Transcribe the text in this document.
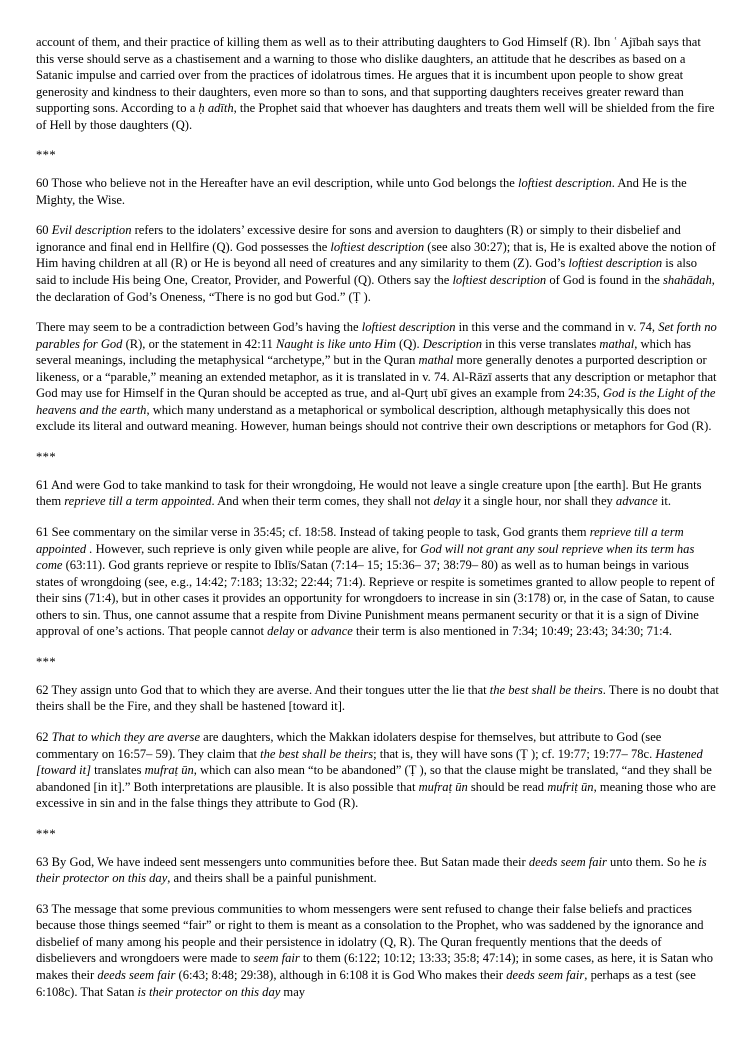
account of them, and their practice of killing them as well as to their attributing daughters to God Himself (R). Ibn ʿ Ajībah says that this verse should serve as a chastisement and a warning to those who dislike daughters, an attitude that he describes as based on a Satanic impulse and carried over from the practices of idolatrous times. He argues that it is incumbent upon people to show great generosity and kindness to their daughters, even more so than to sons, and that supporting daughters receives greater reward than supporting sons. According to a ḥ adīth, the Prophet said that whoever has daughters and treats them well will be shielded from the fire of Hell by those daughters (Q).

***

60 Those who believe not in the Hereafter have an evil description, while unto God belongs the loftiest description. And He is the Mighty, the Wise.

60 Evil description refers to the idolaters’ excessive desire for sons and aversion to daughters (R) or simply to their disbelief and ignorance and final end in Hellfire (Q). God possesses the loftiest description (see also 30:27); that is, He is exalted above the notion of Him having children at all (R) or He is beyond all need of creatures and any similarity to them (Z). God’s loftiest description is also said to include His being One, Creator, Provider, and Powerful (Q). Others say the loftiest description of God is found in the shahādah, the declaration of God’s Oneness, “There is no god but God.” (Ṭ ).

There may seem to be a contradiction between God’s having the loftiest description in this verse and the command in v. 74, Set forth no parables for God (R), or the statement in 42:11 Naught is like unto Him (Q). Description in this verse translates mathal, which has several meanings, including the metaphysical “archetype,” but in the Quran mathal more generally denotes a purported description or likeness, or a “parable,” meaning an extended metaphor, as it is translated in v. 74. Al-Rāzī asserts that any description or metaphor that God may use for Himself in the Quran should be accepted as true, and al-Qurṭ ubī gives an example from 24:35, God is the Light of the heavens and the earth, which many understand as a metaphorical or symbolical description, although metaphysically this does not exclude its literal and outward meaning. However, human beings should not contrive their own descriptions or metaphors for God (R).

***

61 And were God to take mankind to task for their wrongdoing, He would not leave a single creature upon [the earth]. But He grants them reprieve till a term appointed. And when their term comes, they shall not delay it a single hour, nor shall they advance it.

61 See commentary on the similar verse in 35:45; cf. 18:58. Instead of taking people to task, God grants them reprieve till a term appointed . However, such reprieve is only given while people are alive, for God will not grant any soul reprieve when its term has come (63:11). God grants reprieve or respite to Iblīs/Satan (7:14– 15; 15:36– 37; 38:79– 80) as well as to human beings in various states of wrongdoing (see, e.g., 14:42; 7:183; 13:32; 22:44; 71:4). Reprieve or respite is sometimes granted to allow people to repent of their sins (71:4), but in other cases it provides an opportunity for wrongdoers to increase in sin (3:178) or, in the case of Satan, to cause others to sin. Thus, one cannot assume that a respite from Divine Punishment means permanent security or that it is a sign of Divine approval of one’s actions. That people cannot delay or advance their term is also mentioned in 7:34; 10:49; 23:43; 34:30; 71:4.

***

62 They assign unto God that to which they are averse. And their tongues utter the lie that the best shall be theirs. There is no doubt that theirs shall be the Fire, and they shall be hastened [toward it].

62 That to which they are averse are daughters, which the Makkan idolaters despise for themselves, but attribute to God (see commentary on 16:57– 59). They claim that the best shall be theirs; that is, they will have sons (Ṭ ); cf. 19:77; 19:77– 78c. Hastened [toward it] translates mufraṭ ūn, which can also mean “to be abandoned” (Ṭ ), so that the clause might be translated, “and they shall be abandoned [in it].” Both interpretations are plausible. It is also possible that mufraṭ ūn should be read mufriṭ ūn, meaning those who are excessive in sin and in the false things they attribute to God (R).

***

63 By God, We have indeed sent messengers unto communities before thee. But Satan made their deeds seem fair unto them. So he is their protector on this day, and theirs shall be a painful punishment.

63 The message that some previous communities to whom messengers were sent refused to change their false beliefs and practices because those things seemed “fair” or right to them is meant as a consolation to the Prophet, who was saddened by the ignorance and disbelief of many among his people and their persistence in idolatry (Q, R). The Quran frequently mentions that the deeds of disbelievers and wrongdoers were made to seem fair to them (6:122; 10:12; 13:33; 35:8; 47:14); in some cases, as here, it is Satan who makes their deeds seem fair (6:43; 8:48; 29:38), although in 6:108 it is God Who makes their deeds seem fair, perhaps as a test (see 6:108c). That Satan is their protector on this day may
